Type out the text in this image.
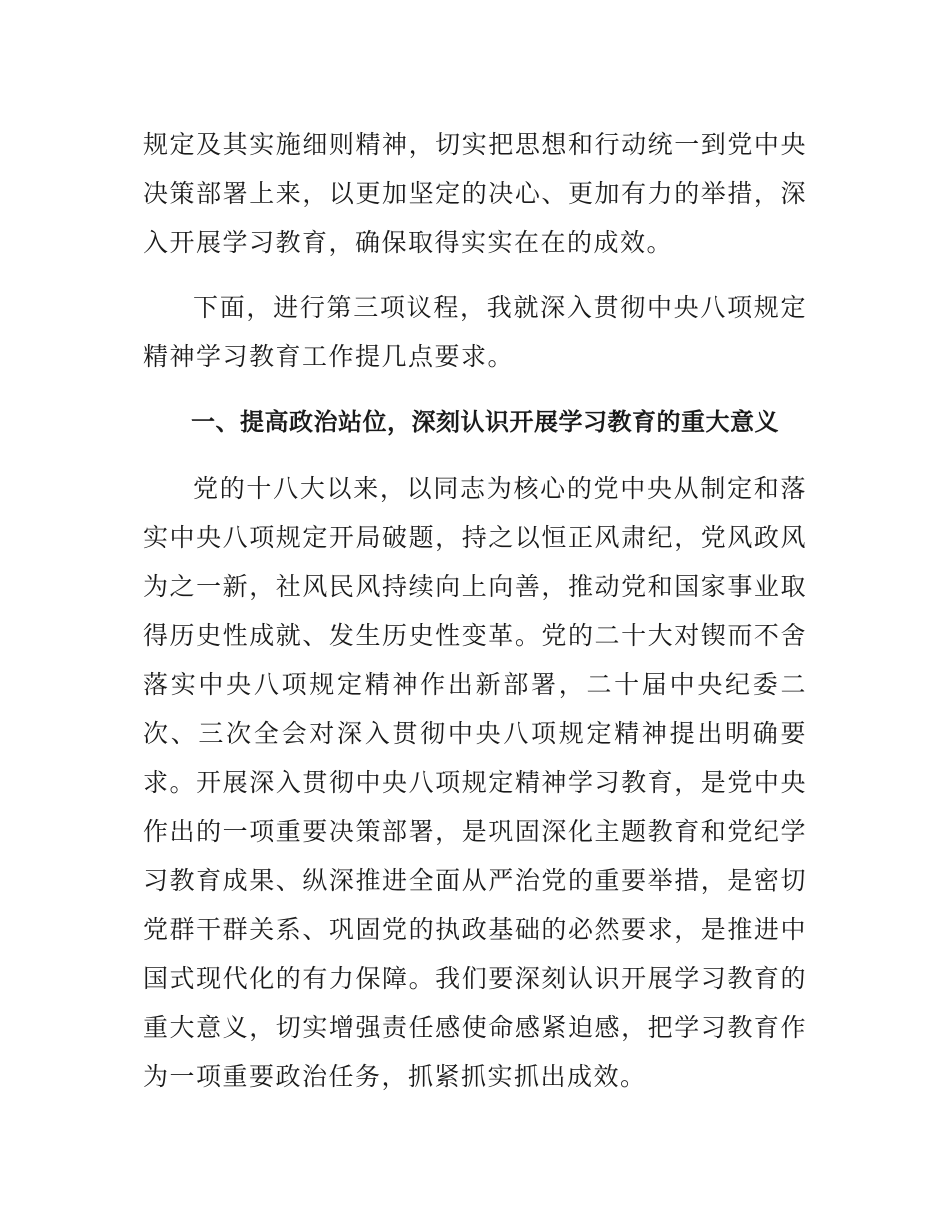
规定及其实施细则精神，切实把思想和行动统一到党中央决策部署上来，以更加坚定的决心、更加有力的举措，深入开展学习教育，确保取得实实在在的成效。

下面，进行第三项议程，我就深入贯彻中央八项规定精神学习教育工作提几点要求。

一、提高政治站位，深刻认识开展学习教育的重大意义

党的十八大以来，以同志为核心的党中央从制定和落实中央八项规定开局破题，持之以恒正风肃纪，党风政风为之一新，社风民风持续向上向善，推动党和国家事业取得历史性成就、发生历史性变革。党的二十大对锲而不舍落实中央八项规定精神作出新部署，二十届中央纪委二次、三次全会对深入贯彻中央八项规定精神提出明确要求。开展深入贯彻中央八项规定精神学习教育，是党中央作出的一项重要决策部署，是巩固深化主题教育和党纪学习教育成果、纵深推进全面从严治党的重要举措，是密切党群干群关系、巩固党的执政基础的必然要求，是推进中国式现代化的有力保障。我们要深刻认识开展学习教育的重大意义，切实增强责任感使命感紧迫感，把学习教育作为一项重要政治任务，抓紧抓实抓出成效。
